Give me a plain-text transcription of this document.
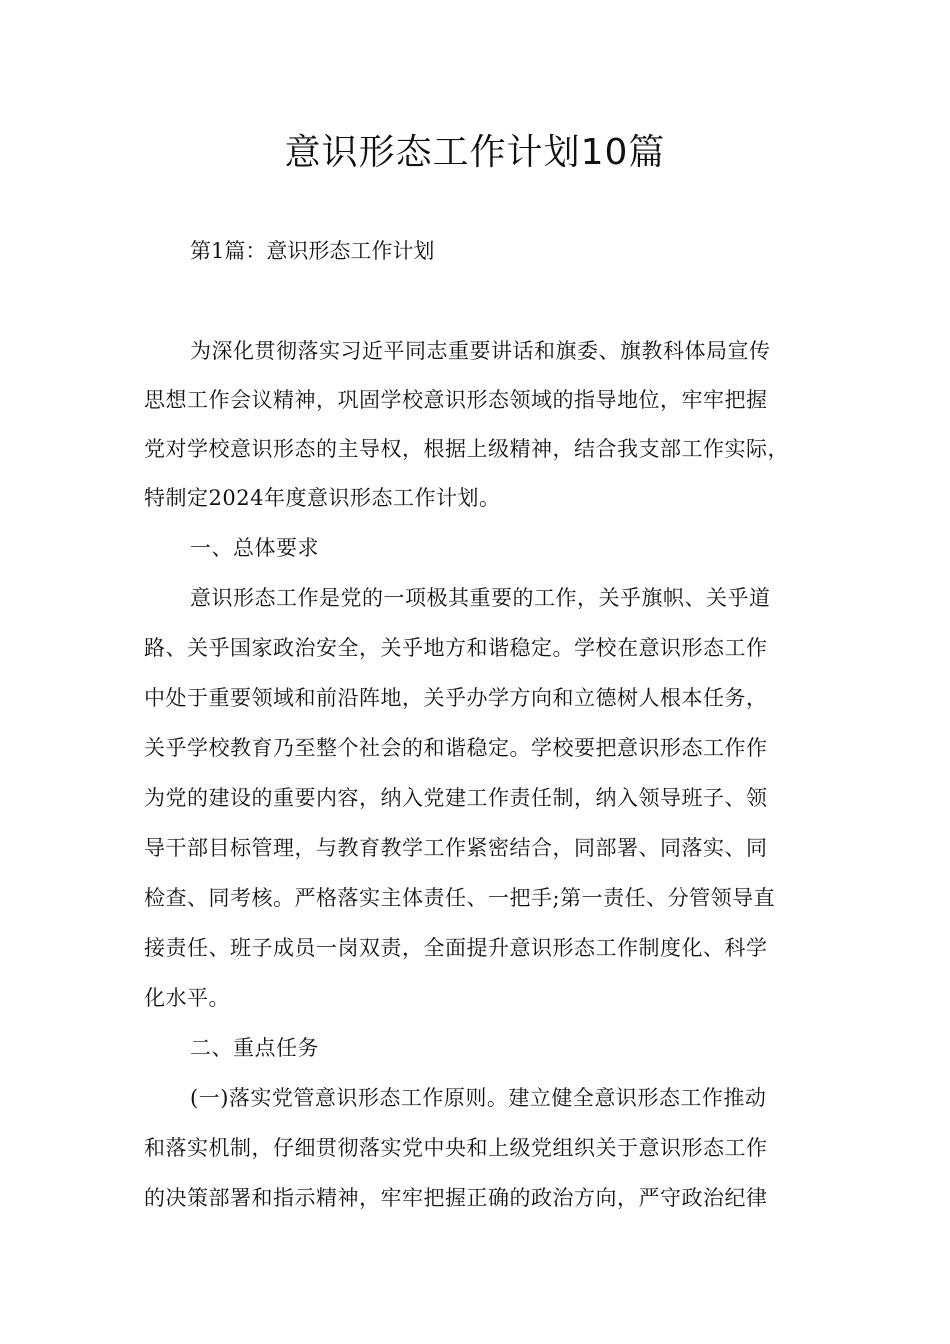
意识形态工作计划10篇

第1篇：意识形态工作计划

为深化贯彻落实习近平同志重要讲话和旗委、旗教科体局宣传

思想工作会议精神，巩固学校意识形态领域的指导地位，牢牢把握

党对学校意识形态的主导权，根据上级精神，结合我支部工作实际，

特制定2024年度意识形态工作计划。

一、总体要求

意识形态工作是党的一项极其重要的工作，关乎旗帜、关乎道

路、关乎国家政治安全，关乎地方和谐稳定。学校在意识形态工作

中处于重要领域和前沿阵地，关乎办学方向和立德树人根本任务，

关乎学校教育乃至整个社会的和谐稳定。学校要把意识形态工作作

为党的建设的重要内容，纳入党建工作责任制，纳入领导班子、领

导干部目标管理，与教育教学工作紧密结合，同部署、同落实、同

检查、同考核。严格落实主体责任、一把手;第一责任、分管领导直

接责任、班子成员一岗双责，全面提升意识形态工作制度化、科学

化水平。

二、重点任务

(一)落实党管意识形态工作原则。建立健全意识形态工作推动

和落实机制，仔细贯彻落实党中央和上级党组织关于意识形态工作

的决策部署和指示精神，牢牢把握正确的政治方向，严守政治纪律
